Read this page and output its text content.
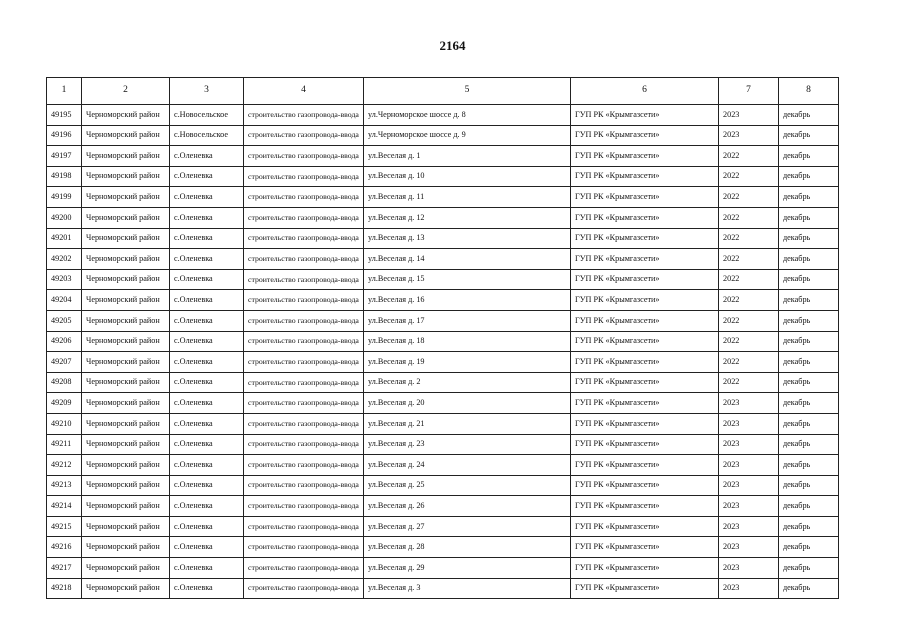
2164
1	2	3	4	5	6	7	8
49195	Черноморский район	с.Новосельское	строительство газопровода-ввода	ул.Черноморское шоссе д. 8	ГУП РК «Крымгазсети»	2023	декабрь
49196	Черноморский район	с.Новосельское	строительство газопровода-ввода	ул.Черноморское шоссе д. 9	ГУП РК «Крымгазсети»	2023	декабрь
49197	Черноморский район	с.Оленевка	строительство газопровода-ввода	ул.Веселая д. 1	ГУП РК «Крымгазсети»	2022	декабрь
49198	Черноморский район	с.Оленевка	строительство газопровода-ввода	ул.Веселая д. 10	ГУП РК «Крымгазсети»	2022	декабрь
49199	Черноморский район	с.Оленевка	строительство газопровода-ввода	ул.Веселая д. 11	ГУП РК «Крымгазсети»	2022	декабрь
49200	Черноморский район	с.Оленевка	строительство газопровода-ввода	ул.Веселая д. 12	ГУП РК «Крымгазсети»	2022	декабрь
49201	Черноморский район	с.Оленевка	строительство газопровода-ввода	ул.Веселая д. 13	ГУП РК «Крымгазсети»	2022	декабрь
49202	Черноморский район	с.Оленевка	строительство газопровода-ввода	ул.Веселая д. 14	ГУП РК «Крымгазсети»	2022	декабрь
49203	Черноморский район	с.Оленевка	строительство газопровода-ввода	ул.Веселая д. 15	ГУП РК «Крымгазсети»	2022	декабрь
49204	Черноморский район	с.Оленевка	строительство газопровода-ввода	ул.Веселая д. 16	ГУП РК «Крымгазсети»	2022	декабрь
49205	Черноморский район	с.Оленевка	строительство газопровода-ввода	ул.Веселая д. 17	ГУП РК «Крымгазсети»	2022	декабрь
49206	Черноморский район	с.Оленевка	строительство газопровода-ввода	ул.Веселая д. 18	ГУП РК «Крымгазсети»	2022	декабрь
49207	Черноморский район	с.Оленевка	строительство газопровода-ввода	ул.Веселая д. 19	ГУП РК «Крымгазсети»	2022	декабрь
49208	Черноморский район	с.Оленевка	строительство газопровода-ввода	ул.Веселая д. 2	ГУП РК «Крымгазсети»	2022	декабрь
49209	Черноморский район	с.Оленевка	строительство газопровода-ввода	ул.Веселая д. 20	ГУП РК «Крымгазсети»	2023	декабрь
49210	Черноморский район	с.Оленевка	строительство газопровода-ввода	ул.Веселая д. 21	ГУП РК «Крымгазсети»	2023	декабрь
49211	Черноморский район	с.Оленевка	строительство газопровода-ввода	ул.Веселая д. 23	ГУП РК «Крымгазсети»	2023	декабрь
49212	Черноморский район	с.Оленевка	строительство газопровода-ввода	ул.Веселая д. 24	ГУП РК «Крымгазсети»	2023	декабрь
49213	Черноморский район	с.Оленевка	строительство газопровода-ввода	ул.Веселая д. 25	ГУП РК «Крымгазсети»	2023	декабрь
49214	Черноморский район	с.Оленевка	строительство газопровода-ввода	ул.Веселая д. 26	ГУП РК «Крымгазсети»	2023	декабрь
49215	Черноморский район	с.Оленевка	строительство газопровода-ввода	ул.Веселая д. 27	ГУП РК «Крымгазсети»	2023	декабрь
49216	Черноморский район	с.Оленевка	строительство газопровода-ввода	ул.Веселая д. 28	ГУП РК «Крымгазсети»	2023	декабрь
49217	Черноморский район	с.Оленевка	строительство газопровода-ввода	ул.Веселая д. 29	ГУП РК «Крымгазсети»	2023	декабрь
49218	Черноморский район	с.Оленевка	строительство газопровода-ввода	ул.Веселая д. 3	ГУП РК «Крымгазсети»	2023	декабрь
